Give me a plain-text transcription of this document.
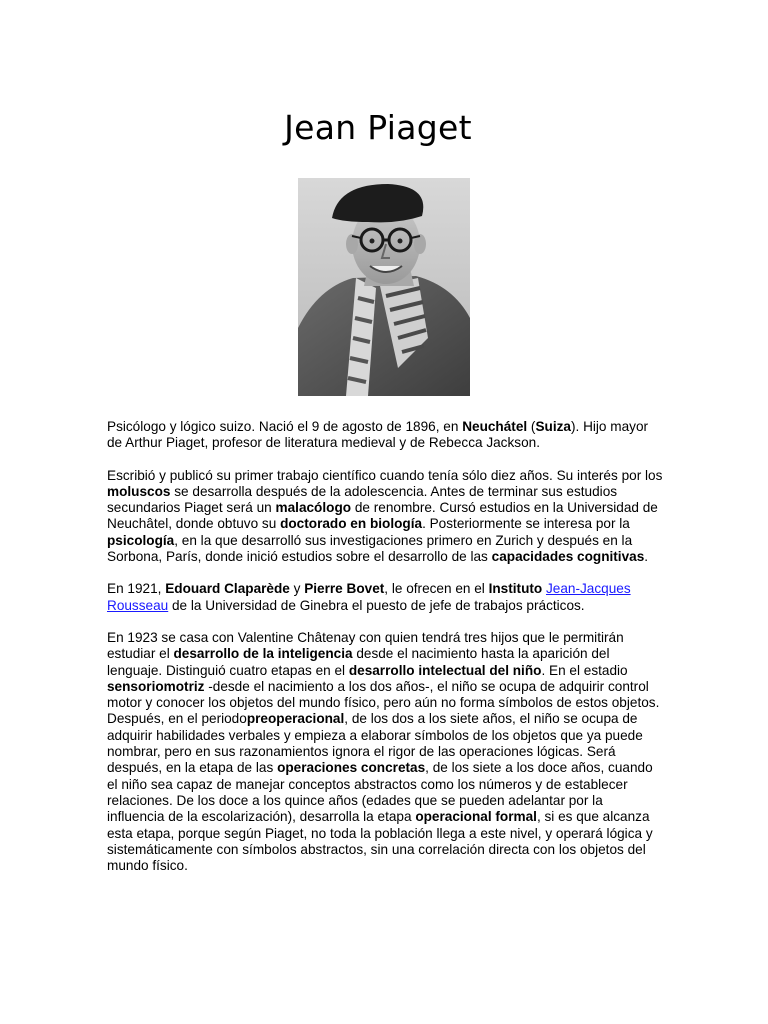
Jean Piaget

Psicólogo y lógico suizo. Nació el 9 de agosto de 1896, en Neuchátel (Suiza). Hijo mayor de Arthur Piaget, profesor de literatura medieval y de Rebecca Jackson.

Escribió y publicó su primer trabajo científico cuando tenía sólo diez años. Su interés por los moluscos se desarrolla después de la adolescencia. Antes de terminar sus estudios secundarios Piaget será un malacólogo de renombre. Cursó estudios en la Universidad de Neuchâtel, donde obtuvo su doctorado en biología. Posteriormente se interesa por la psicología, en la que desarrolló sus investigaciones primero en Zurich y después en la Sorbona, París, donde inició estudios sobre el desarrollo de las capacidades cognitivas.

En 1921, Edouard Claparède y Pierre Bovet, le ofrecen en el Instituto Jean-Jacques Rousseau de la Universidad de Ginebra el puesto de jefe de trabajos prácticos.

En 1923 se casa con Valentine Châtenay con quien tendrá tres hijos que le permitirán estudiar el desarrollo de la inteligencia desde el nacimiento hasta la aparición del lenguaje. Distinguió cuatro etapas en el desarrollo intelectual del niño. En el estadio sensoriomotriz -desde el nacimiento a los dos años-, el niño se ocupa de adquirir control motor y conocer los objetos del mundo físico, pero aún no forma símbolos de estos objetos. Después, en el periodopreoperacional, de los dos a los siete años, el niño se ocupa de adquirir habilidades verbales y empieza a elaborar símbolos de los objetos que ya puede nombrar, pero en sus razonamientos ignora el rigor de las operaciones lógicas. Será después, en la etapa de las operaciones concretas, de los siete a los doce años, cuando el niño sea capaz de manejar conceptos abstractos como los números y de establecer relaciones. De los doce a los quince años (edades que se pueden adelantar por la influencia de la escolarización), desarrolla la etapa operacional formal, si es que alcanza esta etapa, porque según Piaget, no toda la población llega a este nivel, y operará lógica y sistemáticamente con símbolos abstractos, sin una correlación directa con los objetos del mundo físico.
